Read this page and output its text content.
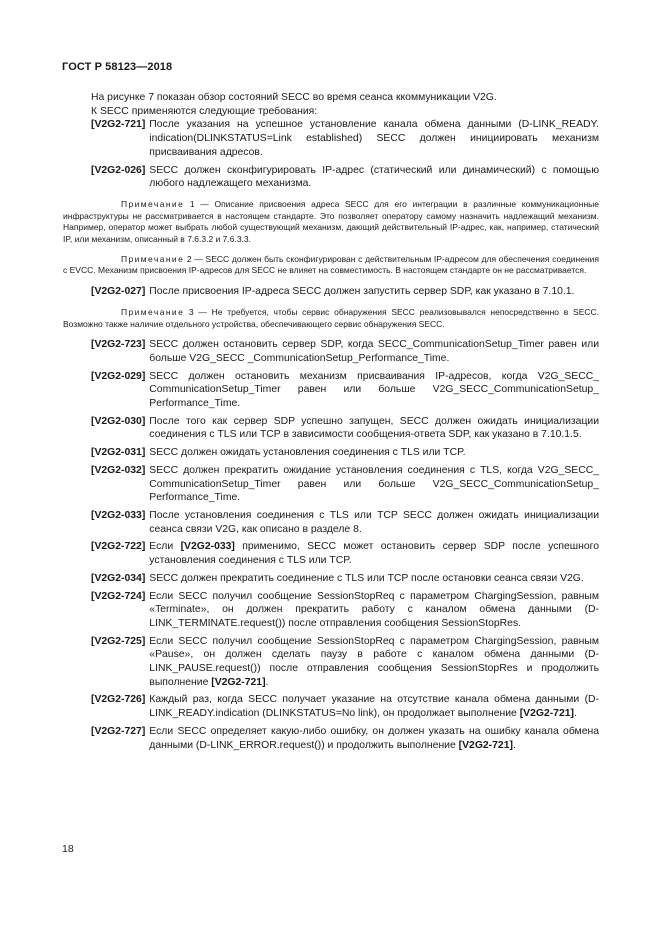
ГОСТ Р 58123—2018

На рисунке 7 показан обзор состояний SECC во время сеанса ккоммуникации V2G.

К SECC применяются следующие требования:

[V2G2-721] После указания на успешное установление канала обмена данными (D-LINK_READY. indication(DLINKSTATUS=Link established) SECC должен инициировать механизм присваивания адресов.
[V2G2-026] SECC должен сконфигурировать IP-адрес (статический или динамический) с помощью любого надлежащего механизма.
Примечание 1 — Описание присвоения адреса SECC для его интеграции в различные коммуникационные инфраструктуры не рассматривается в настоящем стандарте. Это позволяет оператору самому назначить надлежащий механизм. Например, оператор может выбрать любой существующий механизм, дающий действительный IP-адрес, как, например, статический IP, или механизм, описанный в 7.6.3.2 и 7.6.3.3.
Примечание 2 — SECC должен быть сконфигурирован с действительным IP-адресом для обеспечения соединения с EVCC. Механизм присвоения IP-адресов для SECC не влияет на совместимость. В настоящем стандарте он не рассматривается.
[V2G2-027] После присвоения IP-адреса SECC должен запустить сервер SDP, как указано в 7.10.1.
Примечание 3 — Не требуется, чтобы сервис обнаружения SECC реализовывался непосредственно в SECC. Возможно также наличие отдельного устройства, обеспечивающего сервис обнаружения SECC.
[V2G2-723] SECC должен остановить сервер SDP, когда SECC_CommunicationSetup_Timer равен или больше V2G_SECC _CommunicationSetup_Performance_Time.
[V2G2-029] SECC должен остановить механизм присваивания IP-адресов, когда V2G_SECC_ CommunicationSetup_Timer равен или больше V2G_SECC_CommunicationSetup_ Performance_Time.
[V2G2-030] После того как сервер SDP успешно запущен, SECC должен ожидать инициализации соединения с TLS или TCP в зависимости сообщения-ответа SDP, как указано в 7.10.1.5.
[V2G2-031] SECC должен ожидать установления соединения с TLS или TCP.
[V2G2-032] SECC должен прекратить ожидание установления соединения с TLS, когда V2G_SECC_ CommunicationSetup_Timer равен или больше V2G_SECC_CommunicationSetup_ Performance_Time.
[V2G2-033] После установления соединения с TLS или TCP SECC должен ожидать инициализации сеанса связи V2G, как описано в разделе 8.
[V2G2-722] Если [V2G2-033] применимо, SECC может остановить сервер SDP после успешного установления соединения с TLS или TCP.
[V2G2-034] SECC должен прекратить соединение с TLS или TCP после остановки сеанса связи V2G.
[V2G2-724] Если SECC получил сообщение SessionStopReq с параметром ChargingSession, равным «Terminate», он должен прекратить работу с каналом обмена данными (D-LINK_TERMINATE.request()) после отправления сообщения SessionStopRes.
[V2G2-725] Если SECC получил сообщение SessionStopReq с параметром ChargingSession, равным «Pause», он должен сделать паузу в работе с каналом обмена данными (D-LINK_PAUSE.request()) после отправления сообщения SessionStopRes и продолжить выполнение [V2G2-721].
[V2G2-726] Каждый раз, когда SECC получает указание на отсутствие канала обмена данными (D-LINK_READY.indication (DLINKSTATUS=No link), он продолжает выполнение [V2G2-721].
[V2G2-727] Если SECC определяет какую-либо ошибку, он должен указать на ошибку канала обмена данными (D-LINK_ERROR.request()) и продолжить выполнение [V2G2-721].
18
